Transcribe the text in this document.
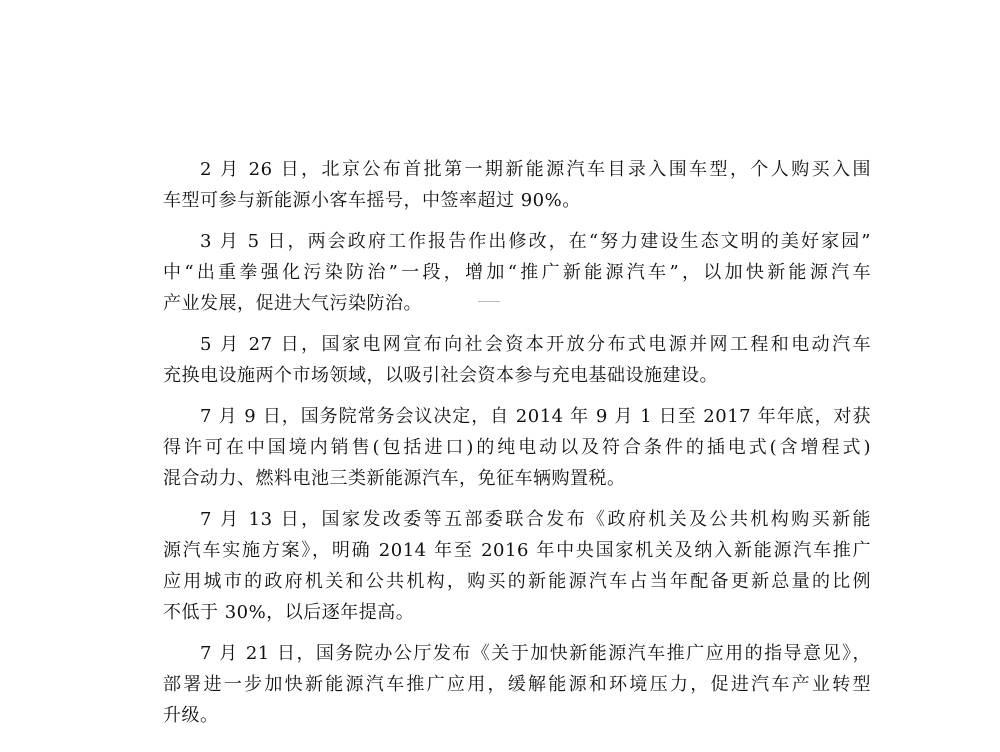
2 月 26 日，北京公布首批第一期新能源汽车目录入围车型，个人购买入围
车型可参与新能源小客车摇号，中签率超过 90%。

3 月 5 日，两会政府工作报告作出修改，在“努力建设生态文明的美好家园”
中“出重拳强化污染防治”一段，增加“推广新能源汽车”，以加快新能源汽车
产业发展，促进大气污染防治。

5 月 27 日，国家电网宣布向社会资本开放分布式电源并网工程和电动汽车
充换电设施两个市场领域，以吸引社会资本参与充电基础设施建设。

7 月 9 日，国务院常务会议决定，自 2014 年 9 月 1 日至 2017 年年底，对获
得许可在中国境内销售(包括进口)的纯电动以及符合条件的插电式(含增程式)
混合动力、燃料电池三类新能源汽车，免征车辆购置税。

7 月 13 日，国家发改委等五部委联合发布《政府机关及公共机构购买新能
源汽车实施方案》，明确 2014 年至 2016 年中央国家机关及纳入新能源汽车推广
应用城市的政府机关和公共机构，购买的新能源汽车占当年配备更新总量的比例
不低于 30%，以后逐年提高。

7 月 21 日，国务院办公厅发布《关于加快新能源汽车推广应用的指导意见》，
部署进一步加快新能源汽车推广应用，缓解能源和环境压力，促进汽车产业转型
升级。
